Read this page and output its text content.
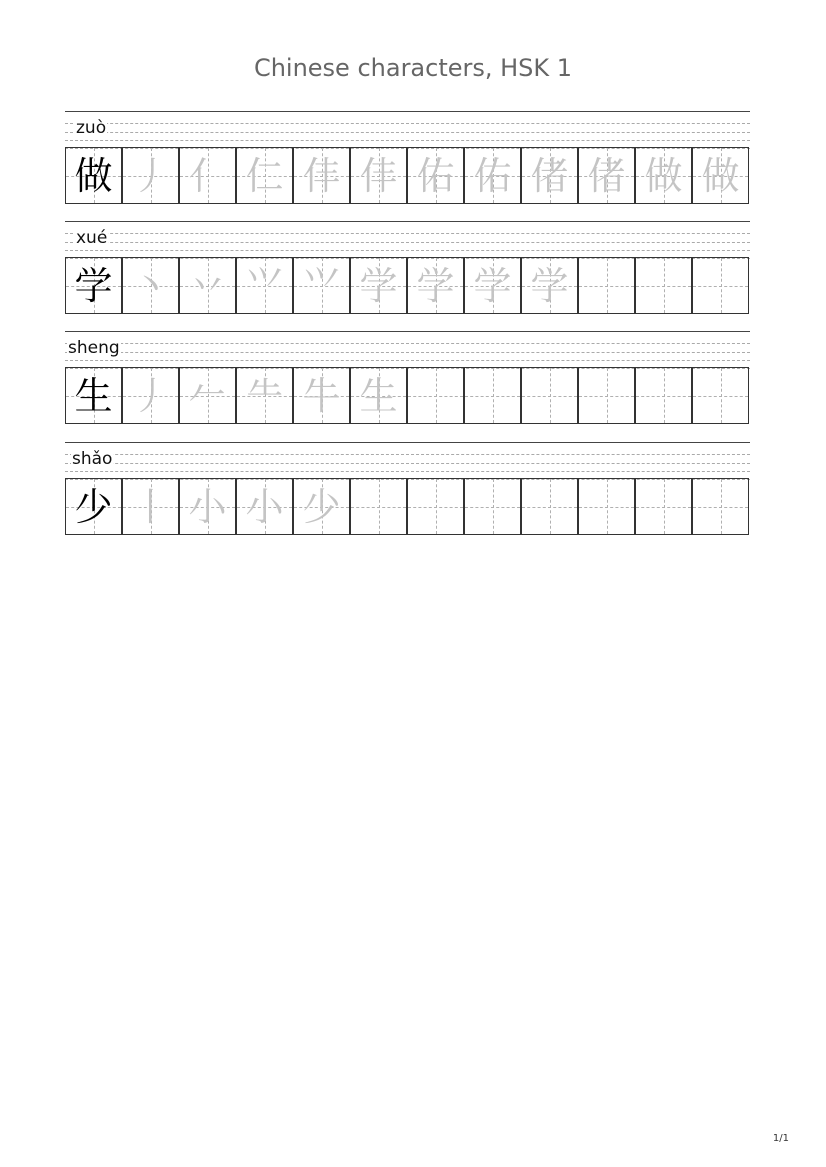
Chinese characters, HSK 1
zuò
做 丿 亻 仁 仹 仹 佑 佑 偖 偖 做 做
xué
学 丶 丷 ⺍ ⺍ 学 学 学 学
sheng
生 丿 𠂉 ⺧ 牛 生
shǎo
少 丨 小 小 少
1/1
